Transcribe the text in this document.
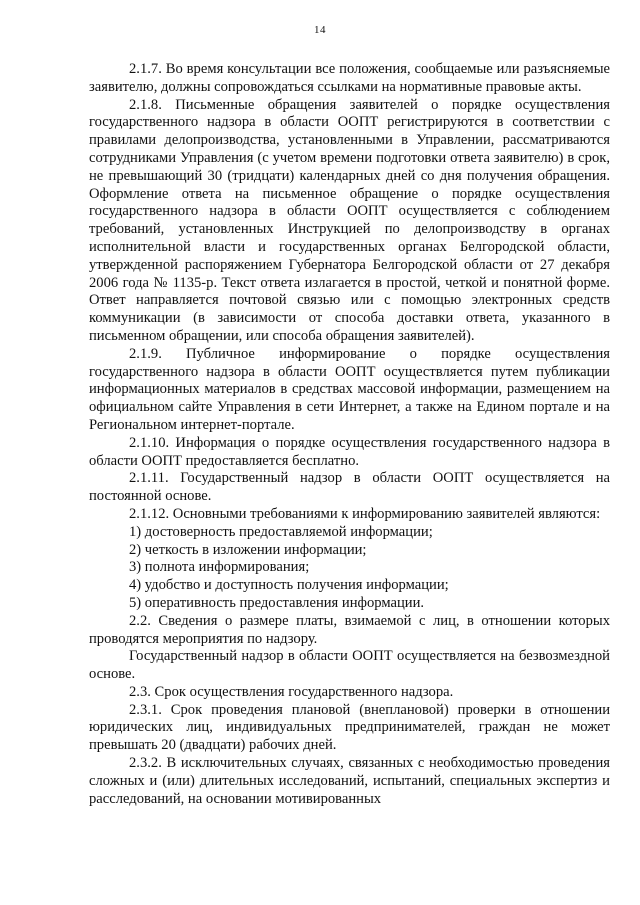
14

2.1.7. Во время консультации все положения, сообщаемые или разъясняемые заявителю, должны сопровождаться ссылками на нормативные правовые акты.

2.1.8. Письменные обращения заявителей о порядке осуществления государственного надзора в области ООПТ регистрируются в соответствии с правилами делопроизводства, установленными в Управлении, рассматриваются сотрудниками Управления (с учетом времени подготовки ответа заявителю) в срок, не превышающий 30 (тридцати) календарных дней со дня получения обращения. Оформление ответа на письменное обращение о порядке осуществления государственного надзора в области ООПТ осуществляется с соблюдением требований, установленных Инструкцией по делопроизводству в органах исполнительной власти и государственных органах Белгородской области, утвержденной распоряжением Губернатора Белгородской области от 27 декабря 2006 года № 1135-р. Текст ответа излагается в простой, четкой и понятной форме. Ответ направляется почтовой связью или с помощью электронных средств коммуникации (в зависимости от способа доставки ответа, указанного в письменном обращении, или способа обращения заявителей).

2.1.9. Публичное информирование о порядке осуществления государственного надзора в области ООПТ осуществляется путем публикации информационных материалов в средствах массовой информации, размещением на официальном сайте Управления в сети Интернет, а также на Едином портале и на Региональном интернет-портале.

2.1.10. Информация о порядке осуществления государственного надзора в области ООПТ предоставляется бесплатно.

2.1.11. Государственный надзор в области ООПТ осуществляется на постоянной основе.

2.1.12. Основными требованиями к информированию заявителей являются:

1) достоверность предоставляемой информации;

2) четкость в изложении информации;

3) полнота информирования;

4) удобство и доступность получения информации;

5) оперативность предоставления информации.

2.2. Сведения о размере платы, взимаемой с лиц, в отношении которых проводятся мероприятия по надзору.

Государственный надзор в области ООПТ осуществляется на безвозмездной основе.

2.3. Срок осуществления государственного надзора.

2.3.1. Срок проведения плановой (внеплановой) проверки в отношении юридических лиц, индивидуальных предпринимателей, граждан не может превышать 20 (двадцати) рабочих дней.

2.3.2. В исключительных случаях, связанных с необходимостью проведения сложных и (или) длительных исследований, испытаний, специальных экспертиз и расследований, на основании мотивированных
